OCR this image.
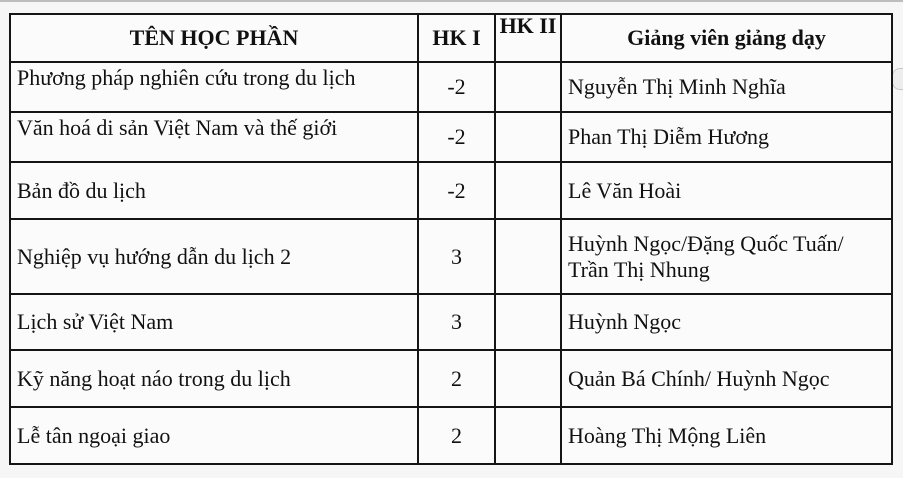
TÊN HỌC PHẦN	HK I	HK II	Giảng viên giảng dạy

Phương pháp nghiên cứu trong du lịch	-2		Nguyễn Thị Minh Nghĩa

Văn hoá di sản Việt Nam và thế giới	-2		Phan Thị Diễm Hương
Bản đồ du lịch	-2		Lê Văn Hoài
Nghiệp vụ hướng dẫn du lịch 2	3		Huỳnh Ngọc/Đặng Quốc Tuấn/ Trần Thị Nhung
Lịch sử Việt Nam	3		Huỳnh Ngọc
Kỹ năng hoạt náo trong du lịch	2		Quản Bá Chính/ Huỳnh Ngọc
Lễ tân ngoại giao	2		Hoàng Thị Mộng Liên
